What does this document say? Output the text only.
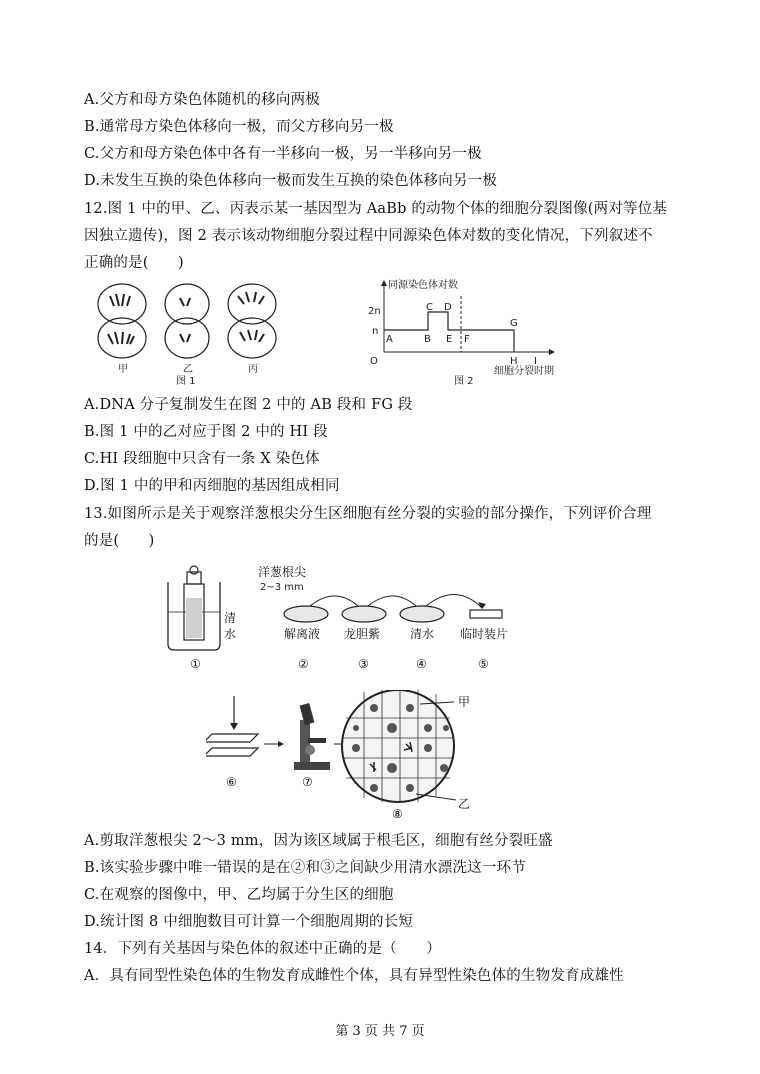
A.父方和母方染色体随机的移向两极
B.通常母方染色体移向一极，而父方移向另一极
C.父方和母方染色体中各有一半移向一极，另一半移向另一极
D.未发生互换的染色体移向一极而发生互换的染色体移向另一极
12.图 1 中的甲、乙、丙表示某一基因型为 AaBb 的动物个体的细胞分裂图像(两对等位基
因独立遗传)，图 2 表示该动物细胞分裂过程中同源染色体对数的变化情况，下列叙述不
正确的是(　　)
甲	乙	丙
图 1
同源染色体对数
2n
n
O
A	B
C D
E F
G
H I
细胞分裂时期
图 2
A.DNA 分子复制发生在图 2 中的 AB 段和 FG 段
B.图 1 中的乙对应于图 2 中的 HI 段
C.HI 段细胞中只含有一条 X 染色体
D.图 1 中的甲和丙细胞的基因组成相同
13.如图所示是关于观察洋葱根尖分生区细胞有丝分裂的实验的部分操作，下列评价合理
的是(　　)
清
水
洋葱根尖
2~3 mm
解离液 龙胆紫 清水 临时装片
①	②	③	④	⑤
甲
乙
⑥	⑦
⑧
A.剪取洋葱根尖 2～3 mm，因为该区域属于根毛区，细胞有丝分裂旺盛
B.该实验步骤中唯一错误的是在②和③之间缺少用清水漂洗这一环节
C.在观察的图像中，甲、乙均属于分生区的细胞
D.统计图 8 中细胞数目可计算一个细胞周期的长短
14．下列有关基因与染色体的叙述中正确的是（　　）
A．具有同型性染色体的生物发育成雌性个体，具有异型性染色体的生物发育成雄性
第 3 页 共 7 页
